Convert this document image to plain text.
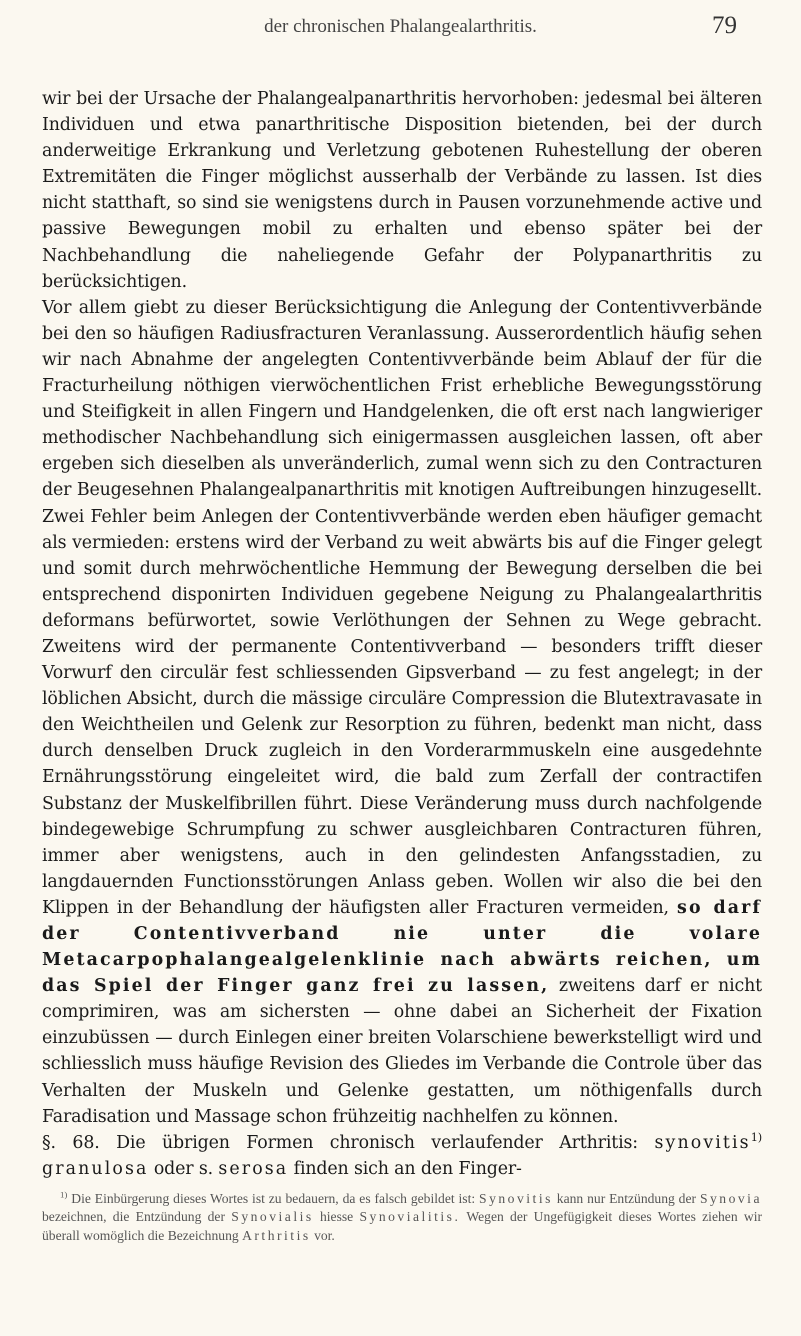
der chronischen Phalangealarthritis.	79

wir bei der Ursache der Phalangealpanarthritis hervorhoben: jedesmal bei älteren Individuen und etwa panarthritische Disposition bietenden, bei der durch anderweitige Erkrankung und Verletzung gebotenen Ruhestellung der oberen Extremitäten die Finger möglichst ausserhalb der Verbände zu lassen. Ist dies nicht statthaft, so sind sie wenigstens durch in Pausen vorzunehmende active und passive Bewegungen mobil zu erhalten und ebenso später bei der Nachbehandlung die naheliegende Gefahr der Polypanarthritis zu berücksichtigen.

Vor allem giebt zu dieser Berücksichtigung die Anlegung der Contentivverbände bei den so häufigen Radiusfracturen Veranlassung. Ausserordentlich häufig sehen wir nach Abnahme der angelegten Contentivverbände beim Ablauf der für die Fracturheilung nöthigen vierwöchentlichen Frist erhebliche Bewegungsstörung und Steifigkeit in allen Fingern und Handgelenken, die oft erst nach langwieriger methodischer Nachbehandlung sich einigermassen ausgleichen lassen, oft aber ergeben sich dieselben als unveränderlich, zumal wenn sich zu den Contracturen der Beugesehnen Phalangealpanarthritis mit knotigen Auftreibungen hinzugesellt. Zwei Fehler beim Anlegen der Contentivverbände werden eben häufiger gemacht als vermieden: erstens wird der Verband zu weit abwärts bis auf die Finger gelegt und somit durch mehrwöchentliche Hemmung der Bewegung derselben die bei entsprechend disponirten Individuen gegebene Neigung zu Phalangealarthritis deformans befürwortet, sowie Verlöthungen der Sehnen zu Wege gebracht. Zweitens wird der permanente Contentivverband — besonders trifft dieser Vorwurf den circulär fest schliessenden Gipsverband — zu fest angelegt; in der löblichen Absicht, durch die mässige circuläre Compression die Blutextravasate in den Weichtheilen und Gelenk zur Resorption zu führen, bedenkt man nicht, dass durch denselben Druck zugleich in den Vorderarmmuskeln eine ausgedehnte Ernährungsstörung eingeleitet wird, die bald zum Zerfall der contractifen Substanz der Muskelfibrillen führt. Diese Veränderung muss durch nachfolgende bindegewebige Schrumpfung zu schwer ausgleichbaren Contracturen führen, immer aber wenigstens, auch in den gelindesten Anfangsstadien, zu langdauernden Functionsstörungen Anlass geben. Wollen wir also die bei den Klippen in der Behandlung der häufigsten aller Fracturen vermeiden, so darf der Contentivverband nie unter die volare Metacarpophalangealgelenklinie nach abwärts reichen, um das Spiel der Finger ganz frei zu lassen, zweitens darf er nicht comprimiren, was am sichersten — ohne dabei an Sicherheit der Fixation einzubüssen — durch Einlegen einer breiten Volarschiene bewerkstelligt wird und schliesslich muss häufige Revision des Gliedes im Verbande die Controle über das Verhalten der Muskeln und Gelenke gestatten, um nöthigenfalls durch Faradisation und Massage schon frühzeitig nachhelfen zu können.

§. 68. Die übrigen Formen chronisch verlaufender Arthritis: synovitis$^{1)}$ granulosa oder s. serosa finden sich an den Finger-

$^{1)}$ Die Einbürgerung dieses Wortes ist zu bedauern, da es falsch gebildet ist: Synovitis kann nur Entzündung der Synovia bezeichnen, die Entzündung der Synovialis hiesse Synovialitis. Wegen der Ungefügigkeit dieses Wortes ziehen wir überall womöglich die Bezeichnung Arthritis vor.
